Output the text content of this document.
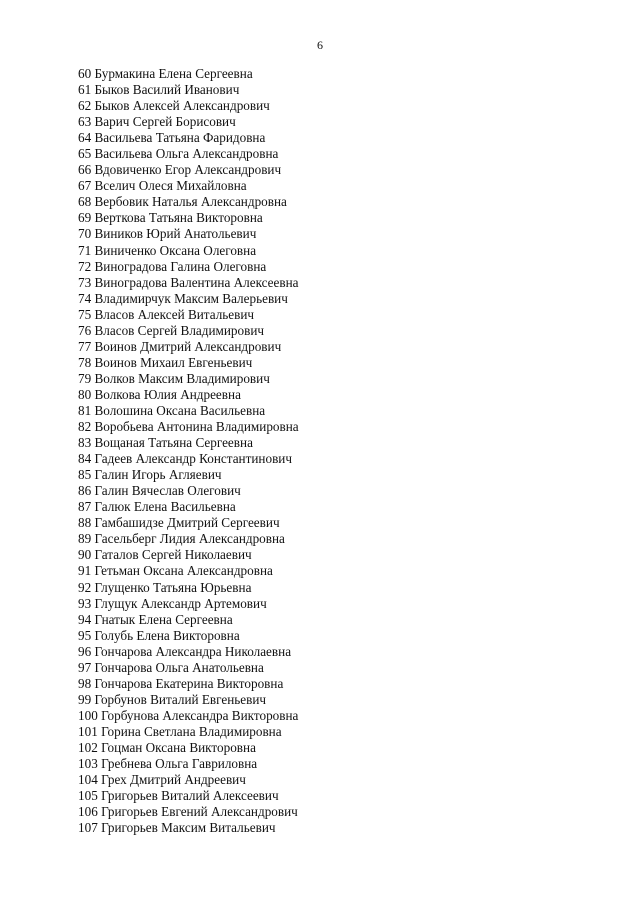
6
60 Бурмакина Елена Сергеевна
61 Быков Василий Иванович
62 Быков Алексей Александрович
63 Варич Сергей Борисович
64 Васильева Татьяна Фаридовна
65 Васильева Ольга Александровна
66 Вдовиченко Егор Александрович
67 Вселич Олеся Михайловна
68 Вербовик Наталья Александровна
69 Верткова Татьяна Викторовна
70 Виников Юрий Анатольевич
71 Виниченко Оксана Олеговна
72 Виноградова Галина Олеговна
73 Виноградова Валентина Алексеевна
74 Владимирчук Максим Валерьевич
75 Власов Алексей Витальевич
76 Власов Сергей Владимирович
77 Воинов Дмитрий Александрович
78 Воинов Михаил Евгеньевич
79 Волков Максим Владимирович
80 Волкова Юлия Андреевна
81 Волошина Оксана Васильевна
82 Воробьева Антонина Владимировна
83 Вощаная Татьяна Сергеевна
84 Гадеев Александр Константинович
85 Галин Игорь Агляевич
86 Галин Вячеслав Олегович
87 Галюк Елена Васильевна
88 Гамбашидзе Дмитрий Сергеевич
89 Гасельберг Лидия Александровна
90 Гаталов Сергей Николаевич
91 Гетьман Оксана Александровна
92 Глущенко Татьяна Юрьевна
93 Глущук Александр Артемович
94 Гнатык Елена Сергеевна
95 Голубь Елена Викторовна
96 Гончарова Александра Николаевна
97 Гончарова Ольга Анатольевна
98 Гончарова Екатерина Викторовна
99 Горбунов Виталий Евгеньевич
100 Горбунова Александра Викторовна
101 Горина Светлана Владимировна
102 Гоцман Оксана Викторовна
103 Гребнева Ольга Гавриловна
104 Грех Дмитрий Андреевич
105 Григорьев Виталий Алексеевич
106 Григорьев Евгений Александрович
107 Григорьев Максим Витальевич
